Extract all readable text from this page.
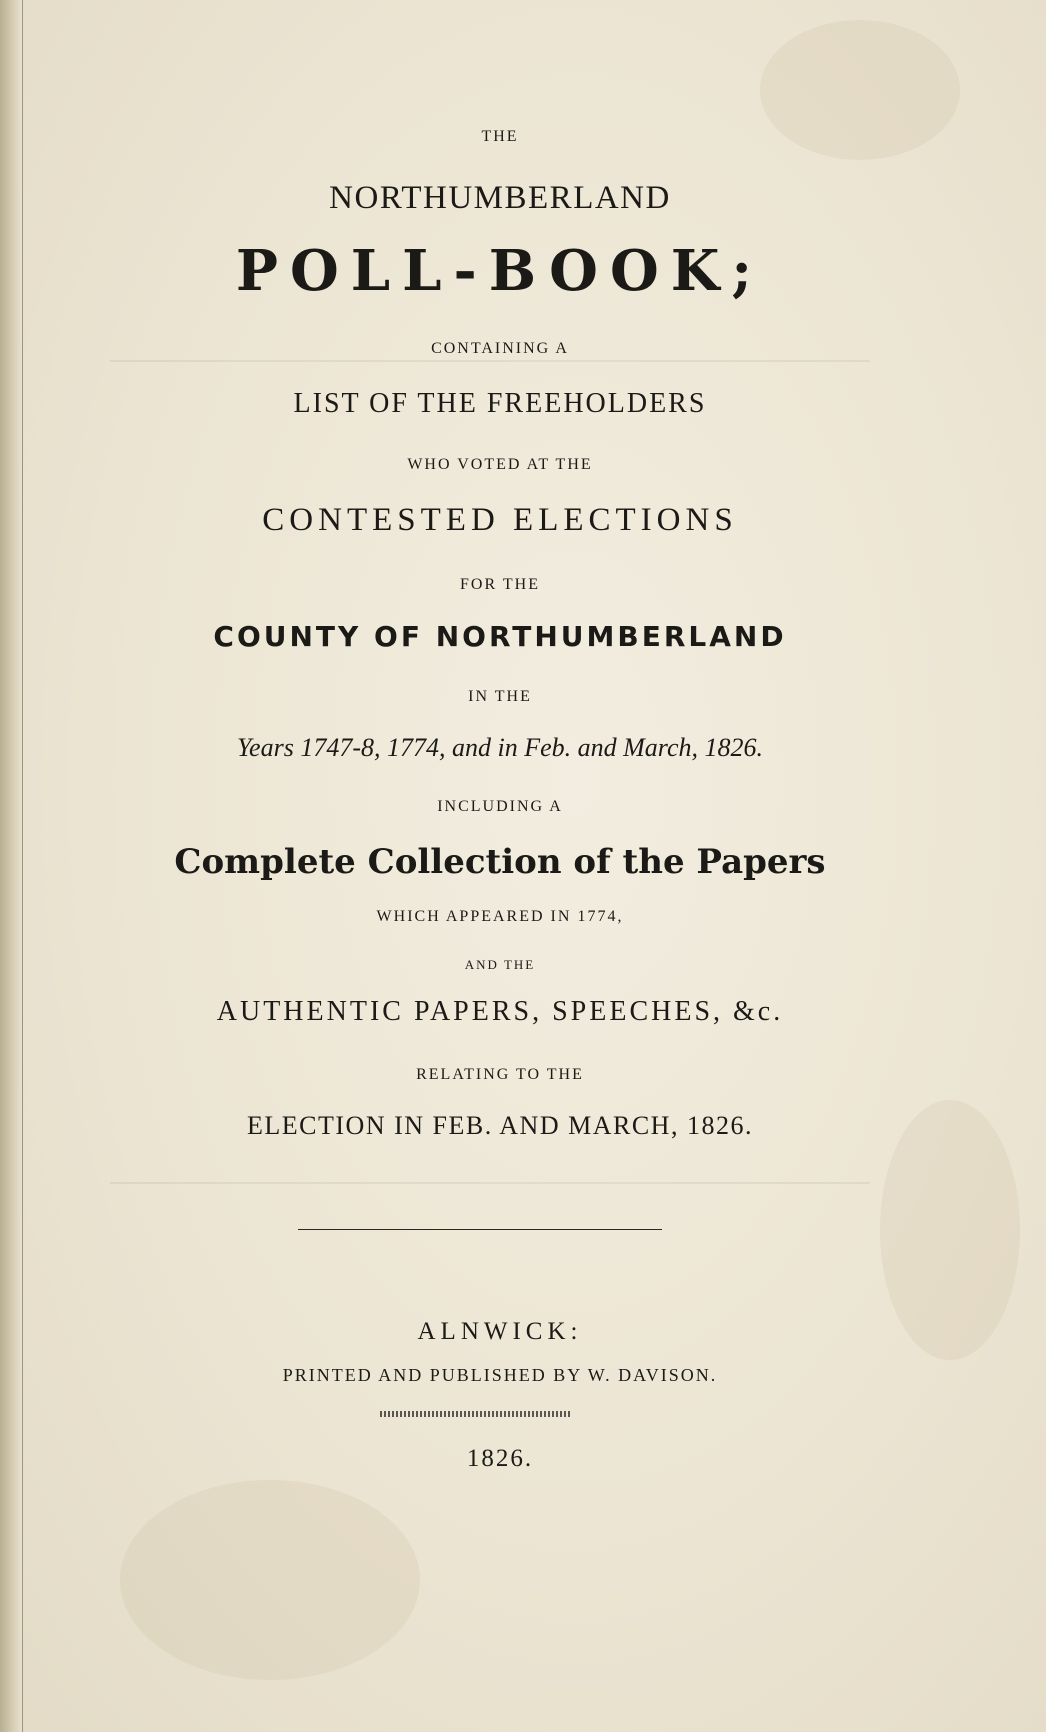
THE
NORTHUMBERLAND
POLL-BOOK;
CONTAINING A
LIST OF THE FREEHOLDERS
WHO VOTED AT THE
CONTESTED ELECTIONS
FOR THE
COUNTY OF NORTHUMBERLAND
IN THE
Years 1747-8, 1774, and in Feb. and March, 1826.
INCLUDING A
Complete Collection of the Papers
WHICH APPEARED IN 1774,
AND THE
AUTHENTIC PAPERS, SPEECHES, &c.
RELATING TO THE
ELECTION IN FEB. AND MARCH, 1826.
ALNWICK:
PRINTED AND PUBLISHED BY W. DAVISON.
1826.
